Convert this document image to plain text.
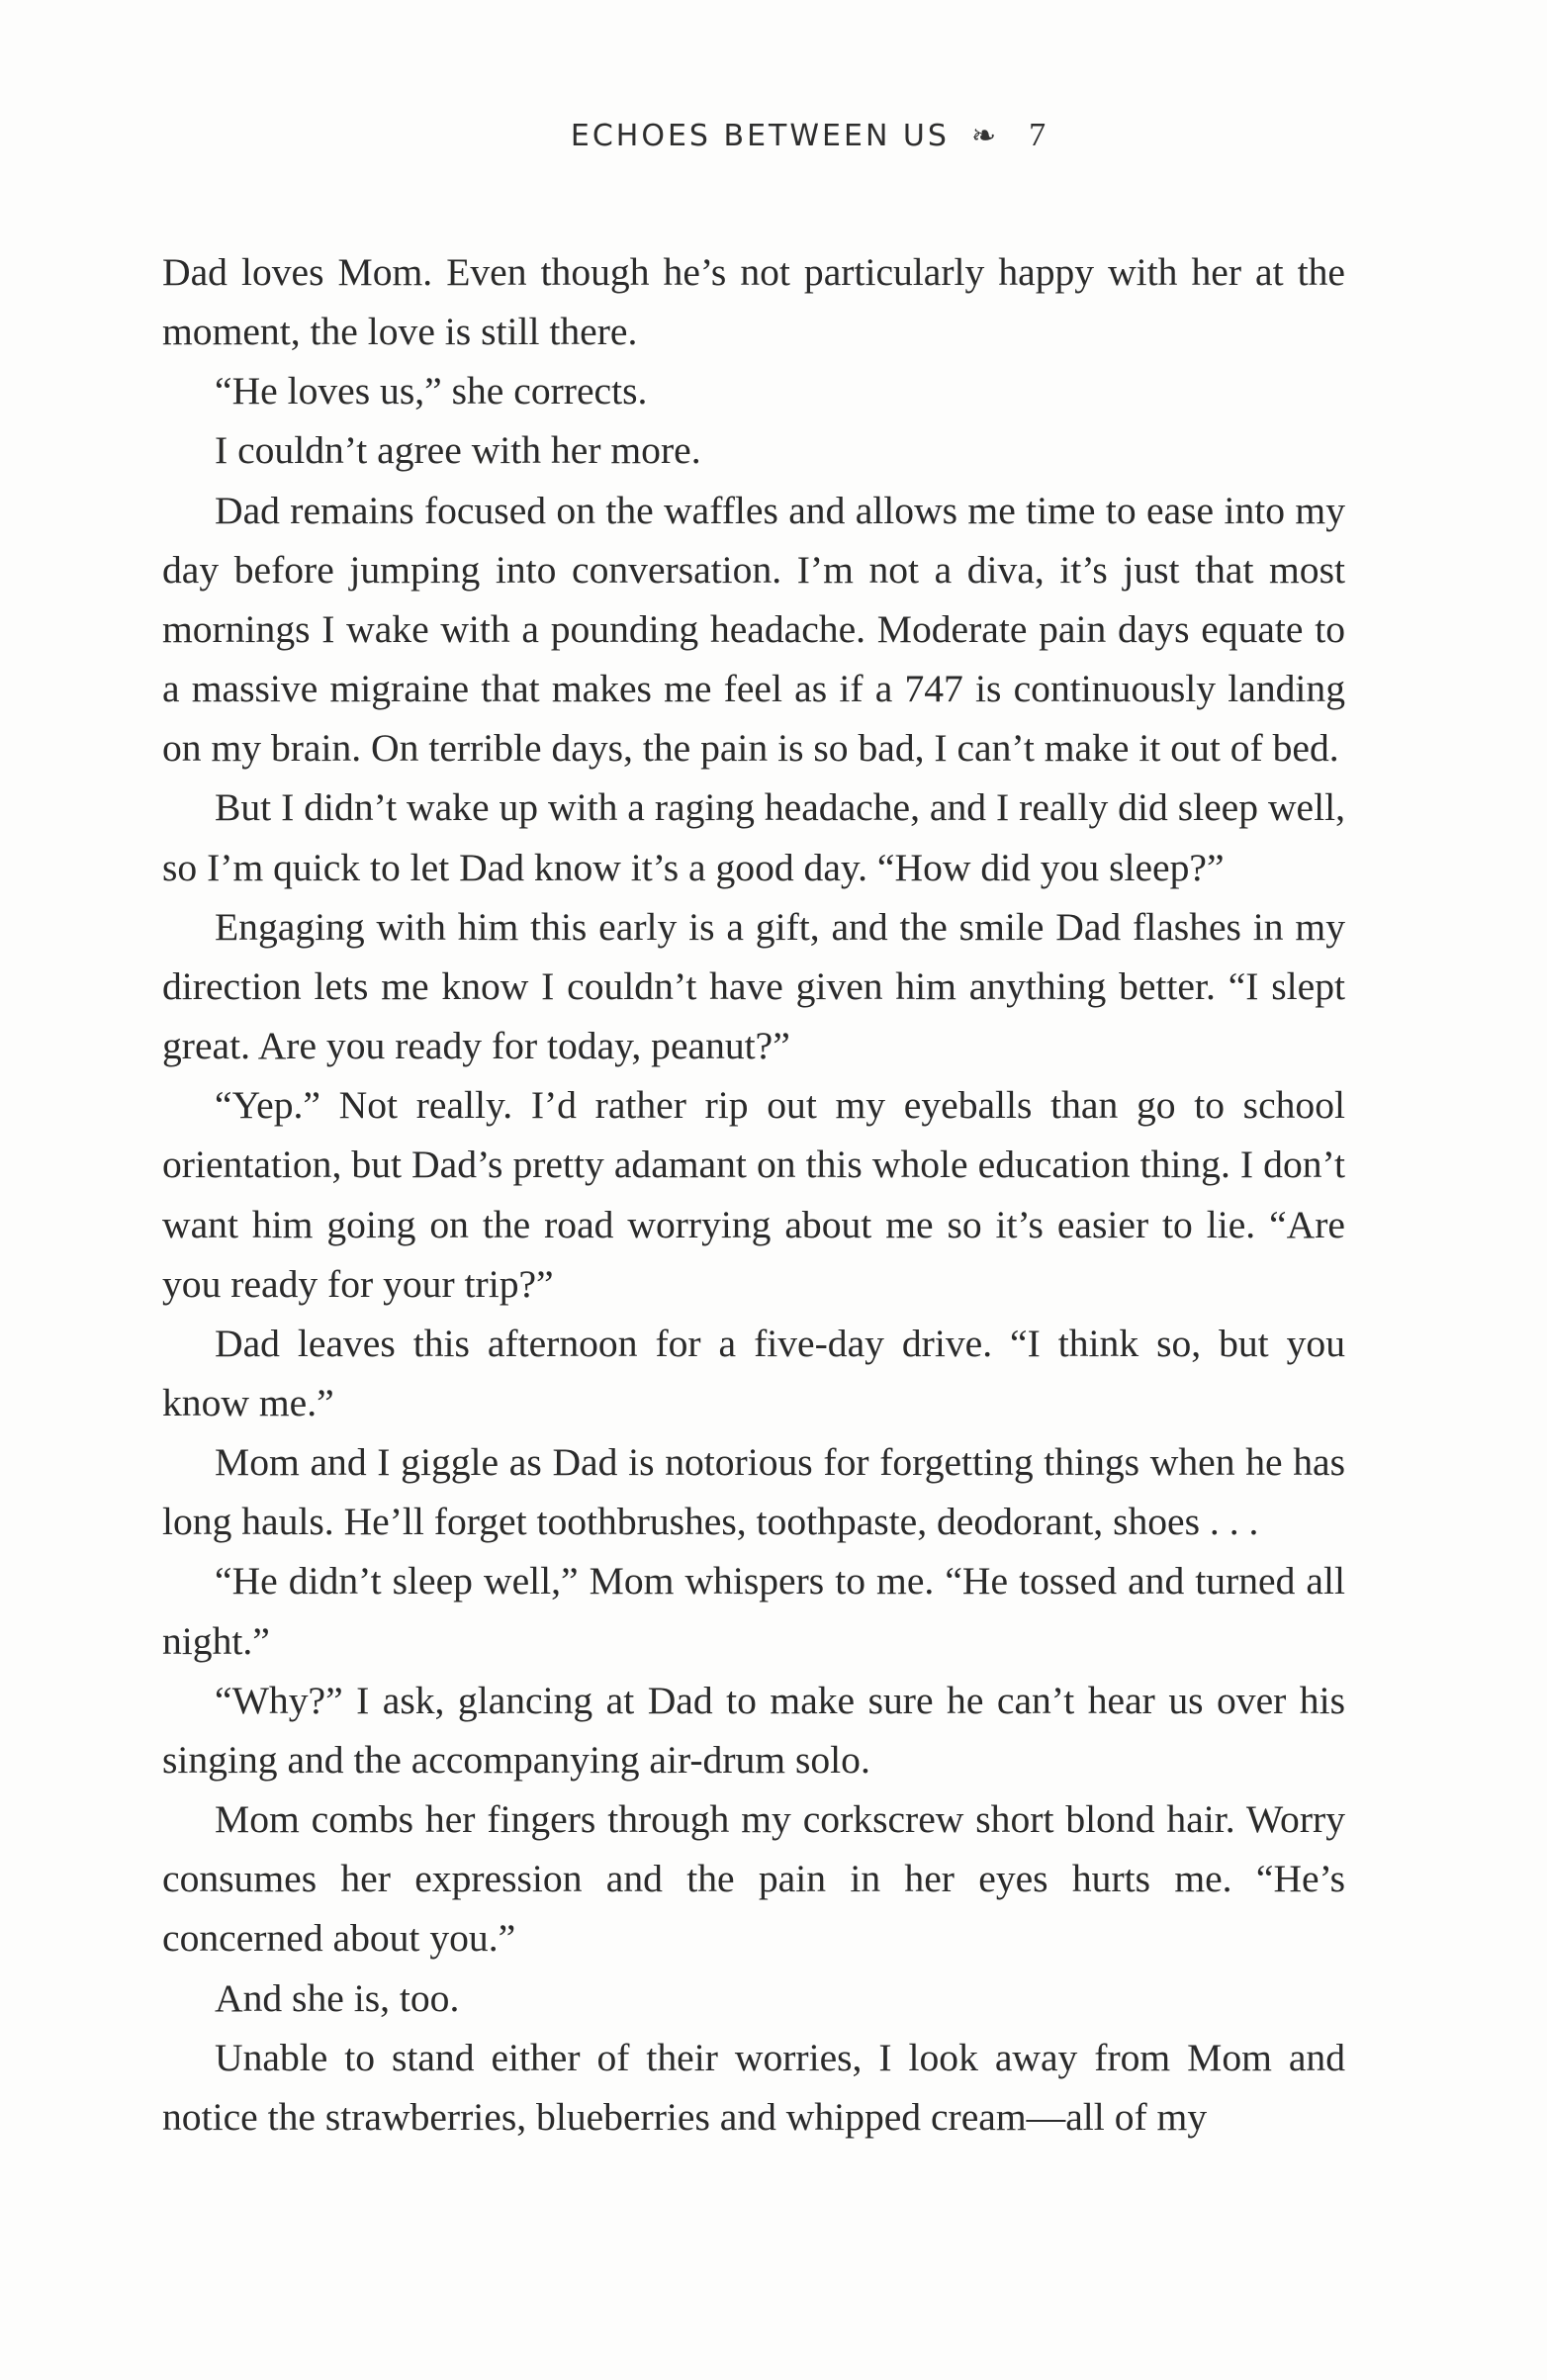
ECHOES BETWEEN US ❧ 7

Dad loves Mom. Even though he’s not particularly happy with her at the moment, the love is still there.

“He loves us,” she corrects.

I couldn’t agree with her more.

Dad remains focused on the waffles and allows me time to ease into my day before jumping into conversation. I’m not a diva, it’s just that most mornings I wake with a pounding headache. Moderate pain days equate to a massive migraine that makes me feel as if a 747 is continuously landing on my brain. On terrible days, the pain is so bad, I can’t make it out of bed.

But I didn’t wake up with a raging headache, and I really did sleep well, so I’m quick to let Dad know it’s a good day. “How did you sleep?”

Engaging with him this early is a gift, and the smile Dad flashes in my direction lets me know I couldn’t have given him anything better. “I slept great. Are you ready for today, peanut?”

“Yep.” Not really. I’d rather rip out my eyeballs than go to school orientation, but Dad’s pretty adamant on this whole education thing. I don’t want him going on the road worrying about me so it’s easier to lie. “Are you ready for your trip?”

Dad leaves this afternoon for a five-day drive. “I think so, but you know me.”

Mom and I giggle as Dad is notorious for forgetting things when he has long hauls. He’ll forget toothbrushes, toothpaste, deodorant, shoes . . .

“He didn’t sleep well,” Mom whispers to me. “He tossed and turned all night.”

“Why?” I ask, glancing at Dad to make sure he can’t hear us over his singing and the accompanying air-drum solo.

Mom combs her fingers through my corkscrew short blond hair. Worry consumes her expression and the pain in her eyes hurts me. “He’s concerned about you.”

And she is, too.

Unable to stand either of their worries, I look away from Mom and notice the strawberries, blueberries and whipped cream—all of my
